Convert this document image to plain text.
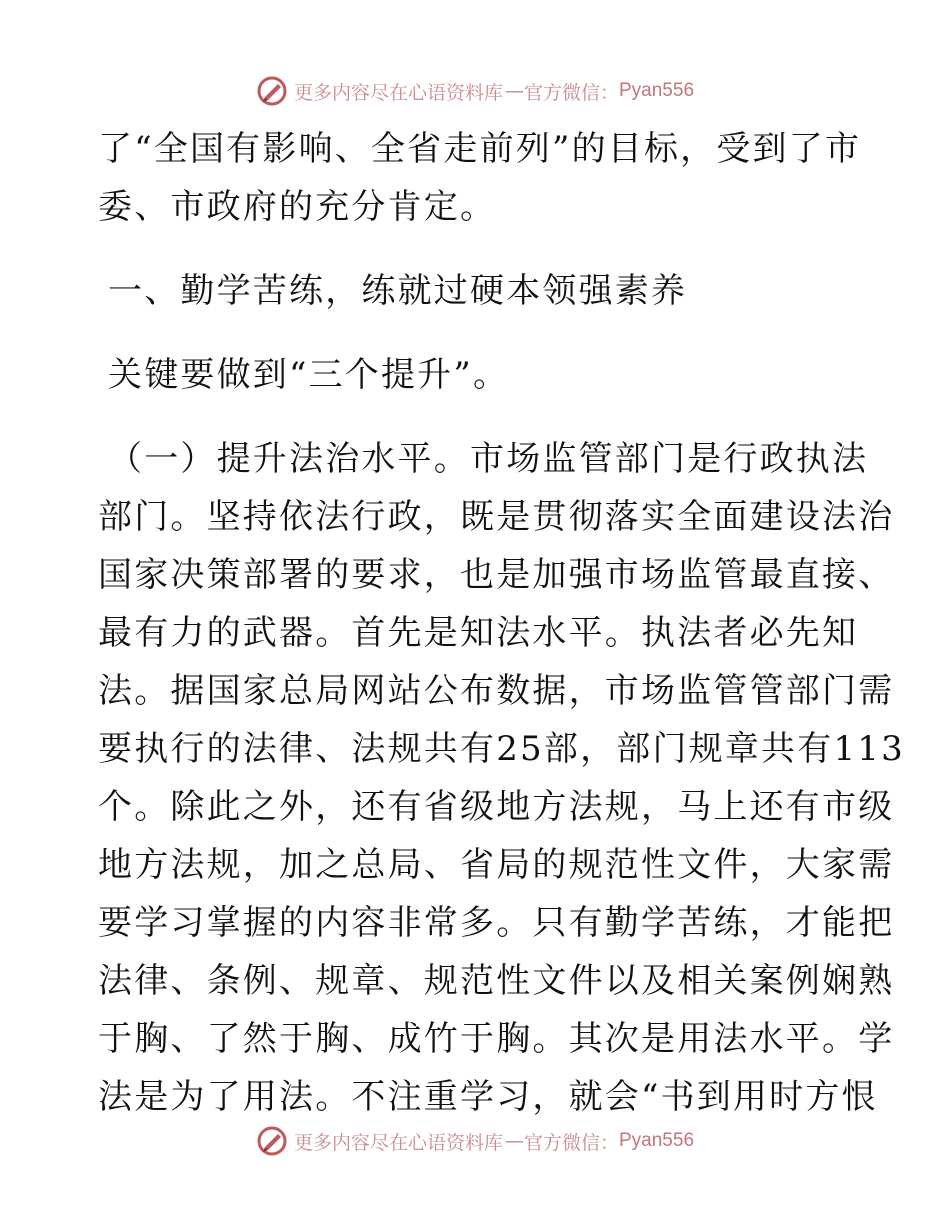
更多内容尽在心语资料库 — 官方微信： Pyan556
了“全国有影响、全省走前列”的目标，受到了市
委、市政府的充分肯定。
一、勤学苦练，练就过硬本领强素养
关键要做到“三个提升”。
（一）提升法治水平。市场监管部门是行政执法
部门。坚持依法行政，既是贯彻落实全面建设法治
国家决策部署的要求，也是加强市场监管最直接、
最有力的武器。首先是知法水平。执法者必先知
法。据国家总局网站公布数据，市场监管管部门需
要执行的法律、法规共有25部，部门规章共有113
个。除此之外，还有省级地方法规，马上还有市级
地方法规，加之总局、省局的规范性文件，大家需
要学习掌握的内容非常多。只有勤学苦练，才能把
法律、条例、规章、规范性文件以及相关案例娴熟
于胸、了然于胸、成竹于胸。其次是用法水平。学
法是为了用法。不注重学习，就会“书到用时方恨
更多内容尽在心语资料库 — 官方微信： Pyan556
